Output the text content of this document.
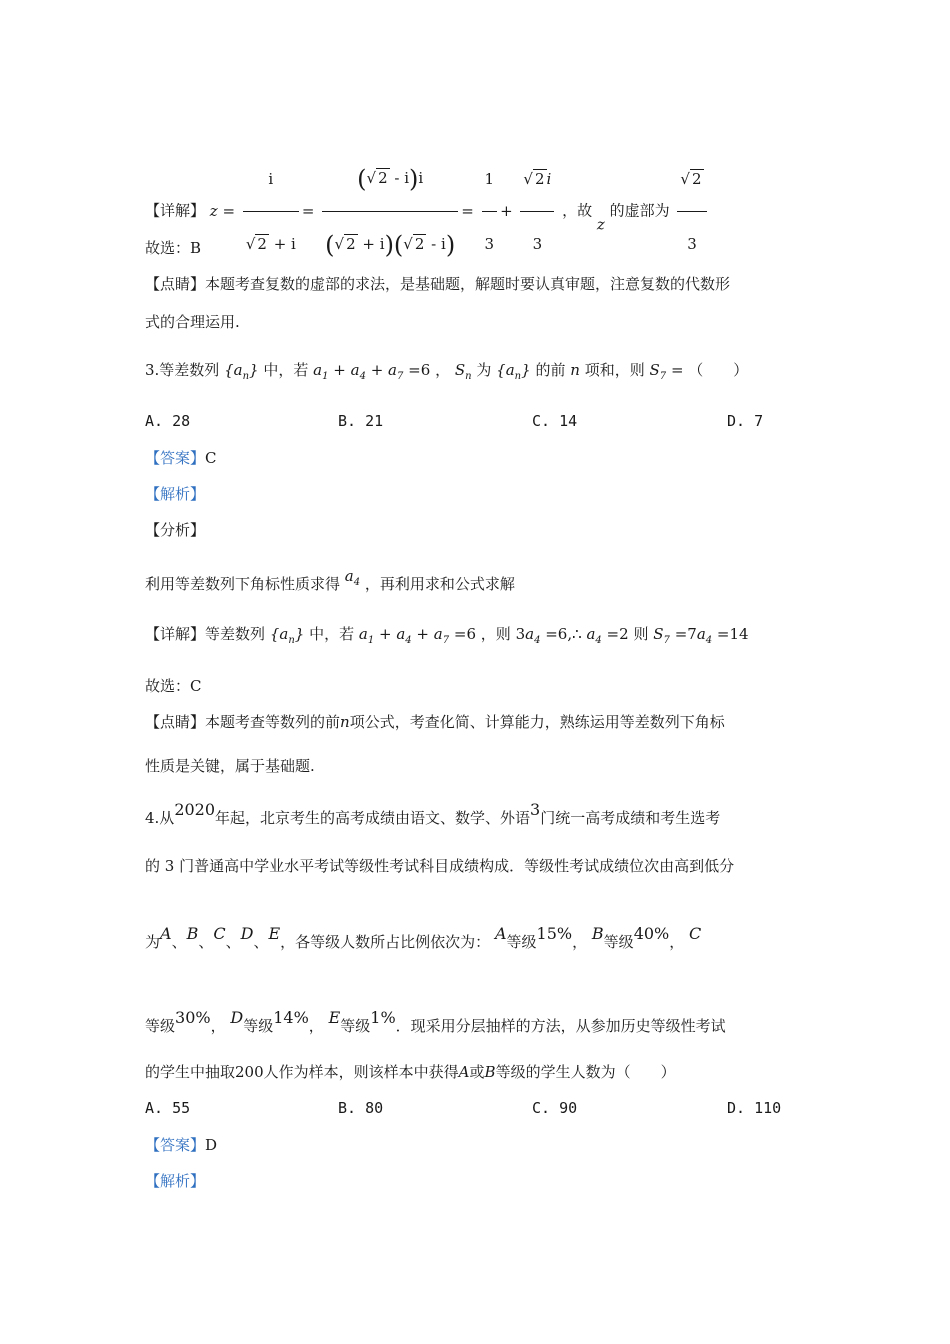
【详解】 $z = \frac{i}{√ 2 + i} = \frac{(√ 2 - i)i}{(√ 2 + i)(√ 2 - i)} = \frac{1}{3} + \frac{√ 2 i}{3}$ ，故 z 的虚部为 $\frac{√ 2}{3}$
故选：B
【点睛】本题考查复数的虚部的求法，是基础题，解题时要认真审题，注意复数的代数形
式的合理运用.
3.等差数列 $\{a_n\}$ 中，若 $a_1 + a_4 + a_7 =6$ ， $S_n$ 为 $\{a_n\}$ 的前 n 项和，则 $S_7$ = （　　）
A. 28	B. 21	C. 14	D. 7
【答案】C
【解析】
【分析】
利用等差数列下角标性质求得 $a_4$ ，再利用求和公式求解
【详解】等差数列 $\{a_n\}$ 中，若 $a_1 + a_4 + a_7 =6$ ，则 $3a_4$ =6,∴ $a_4 =2$ 则 $S_7 =7a_4 =14$
故选：C
【点睛】本题考查等数列的前n项公式，考查化简、计算能力，熟练运用等差数列下角标
性质是关键，属于基础题.
4.从2020年起，北京考生的高考成绩由语文、数学、外语3门统一高考成绩和考生选考
的 3 门普通高中学业水平考试等级性考试科目成绩构成．等级性考试成绩位次由高到低分
为A、B、C、D、E，各等级人数所占比例依次为： A等级15%， B等级40%， C
等级30%， D等级14%， E等级1%．现采用分层抽样的方法，从参加历史等级性考试
的学生中抽取200人作为样本，则该样本中获得A或B等级的学生人数为（　　）
A. 55	B. 80	C. 90	D. 110
【答案】D
【解析】
